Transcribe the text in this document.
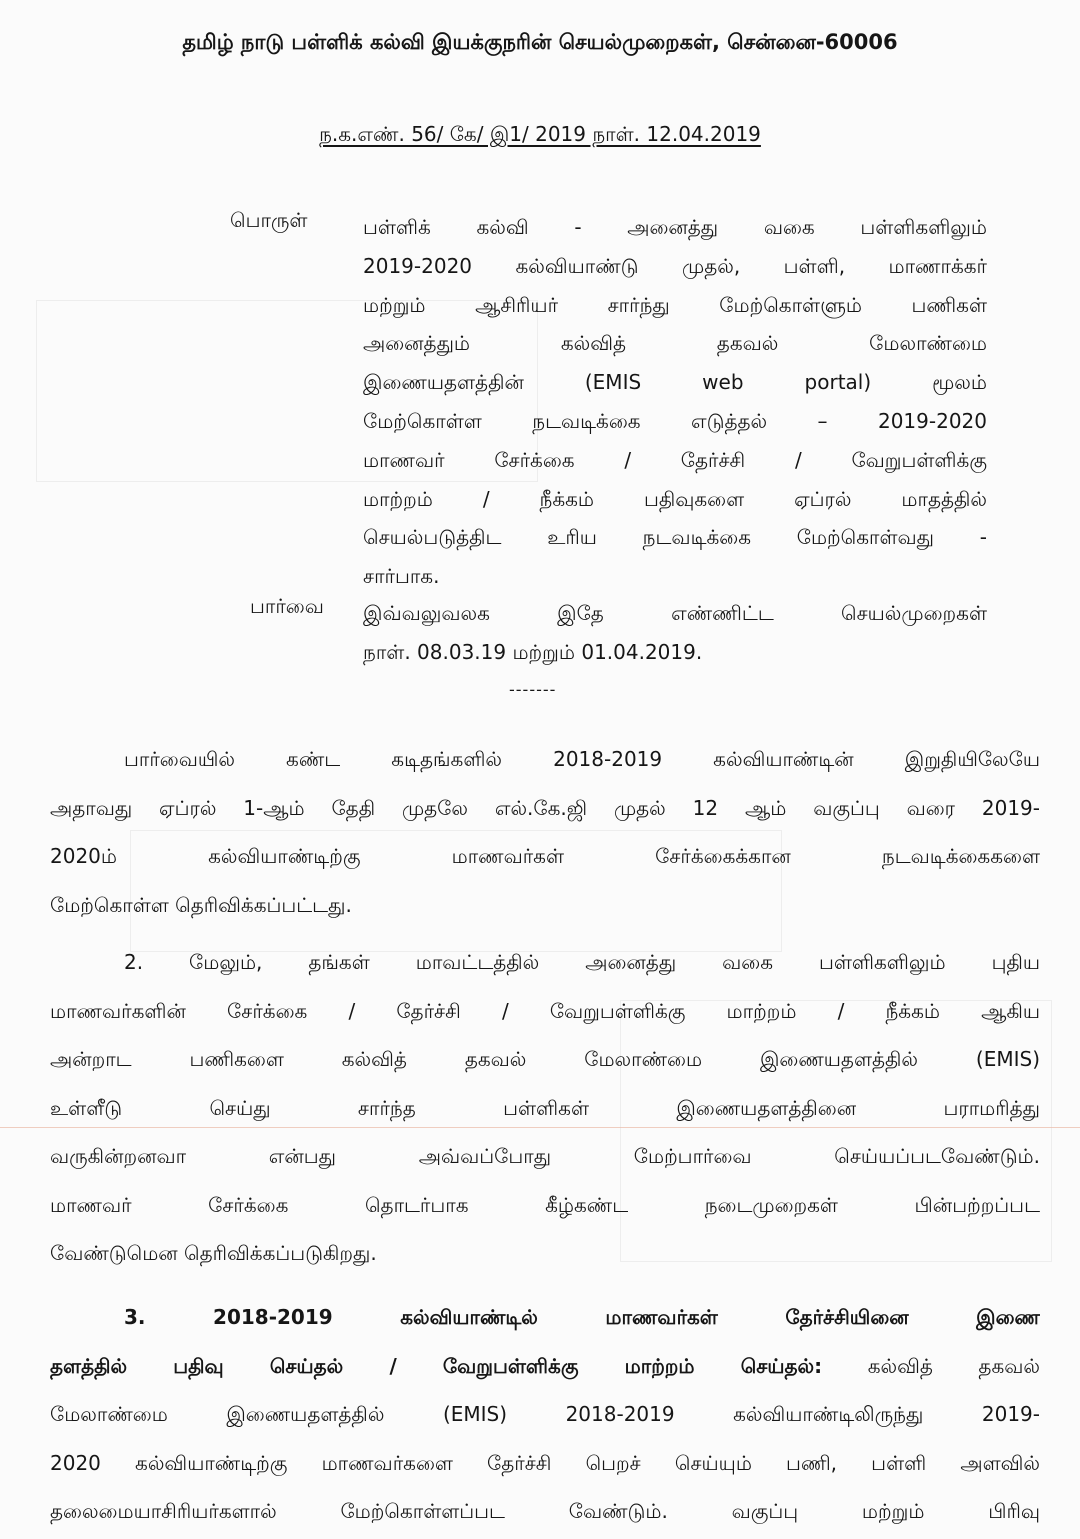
தமிழ் நாடு பள்ளிக் கல்வி இயக்குநரின் செயல்முறைகள், சென்னை-60006
ந.க.எண். 56/ கே/ இ1/ 2019 நாள். 12.04.2019
பொருள்	பள்ளிக் கல்வி - அனைத்து வகை பள்ளிகளிலும்
2019-2020 கல்வியாண்டு முதல், பள்ளி, மாணாக்கர்
மற்றும் ஆசிரியர் சார்ந்து மேற்கொள்ளும் பணிகள்
அனைத்தும் கல்வித் தகவல் மேலாண்மை
இணையதளத்தின் (EMIS web portal) மூலம்
மேற்கொள்ள நடவடிக்கை எடுத்தல் – 2019-2020
மாணவர் சேர்க்கை / தேர்ச்சி / வேறுபள்ளிக்கு
மாற்றம் / நீக்கம் பதிவுகளை ஏப்ரல் மாதத்தில்
செயல்படுத்திட உரிய நடவடிக்கை மேற்கொள்வது -
சார்பாக.
பார்வை இவ்வலுவலக இதே எண்ணிட்ட செயல்முறைகள்
நாள். 08.03.19 மற்றும் 01.04.2019.
-------
பார்வையில் கண்ட கடிதங்களில் 2018-2019 கல்வியாண்டின் இறுதியிலேயே
அதாவது ஏப்ரல் 1-ஆம் தேதி முதலே எல்.கே.ஜி முதல் 12 ஆம் வகுப்பு வரை 2019-
2020ம் கல்வியாண்டிற்கு மாணவர்கள் சேர்க்கைக்கான நடவடிக்கைகளை
மேற்கொள்ள தெரிவிக்கப்பட்டது.
2. மேலும், தங்கள் மாவட்டத்தில் அனைத்து வகை பள்ளிகளிலும் புதிய
மாணவர்களின் சேர்க்கை / தேர்ச்சி / வேறுபள்ளிக்கு மாற்றம் / நீக்கம் ஆகிய
அன்றாட பணிகளை கல்வித் தகவல் மேலாண்மை இணையதளத்தில் (EMIS)
உள்ளீடு செய்து சார்ந்த பள்ளிகள் இணையதளத்தினை பராமரித்து
வருகின்றனவா என்பது அவ்வப்போது மேற்பார்வை செய்யப்படவேண்டும்.
மாணவர் சேர்க்கை தொடர்பாக கீழ்கண்ட நடைமுறைகள் பின்பற்றப்பட
வேண்டுமென தெரிவிக்கப்படுகிறது.
3. 2018-2019 கல்வியாண்டில் மாணவர்கள் தேர்ச்சியினை இணை
தளத்தில் பதிவு செய்தல் / வேறுபள்ளிக்கு மாற்றம் செய்தல்: கல்வித் தகவல்
மேலாண்மை இணையதளத்தில் (EMIS) 2018-2019 கல்வியாண்டிலிருந்து 2019-
2020 கல்வியாண்டிற்கு மாணவர்களை தேர்ச்சி பெறச் செய்யும் பணி, பள்ளி அளவில்
தலைமையாசிரியர்களால் மேற்கொள்ளப்பட வேண்டும். வகுப்பு மற்றும் பிரிவு
